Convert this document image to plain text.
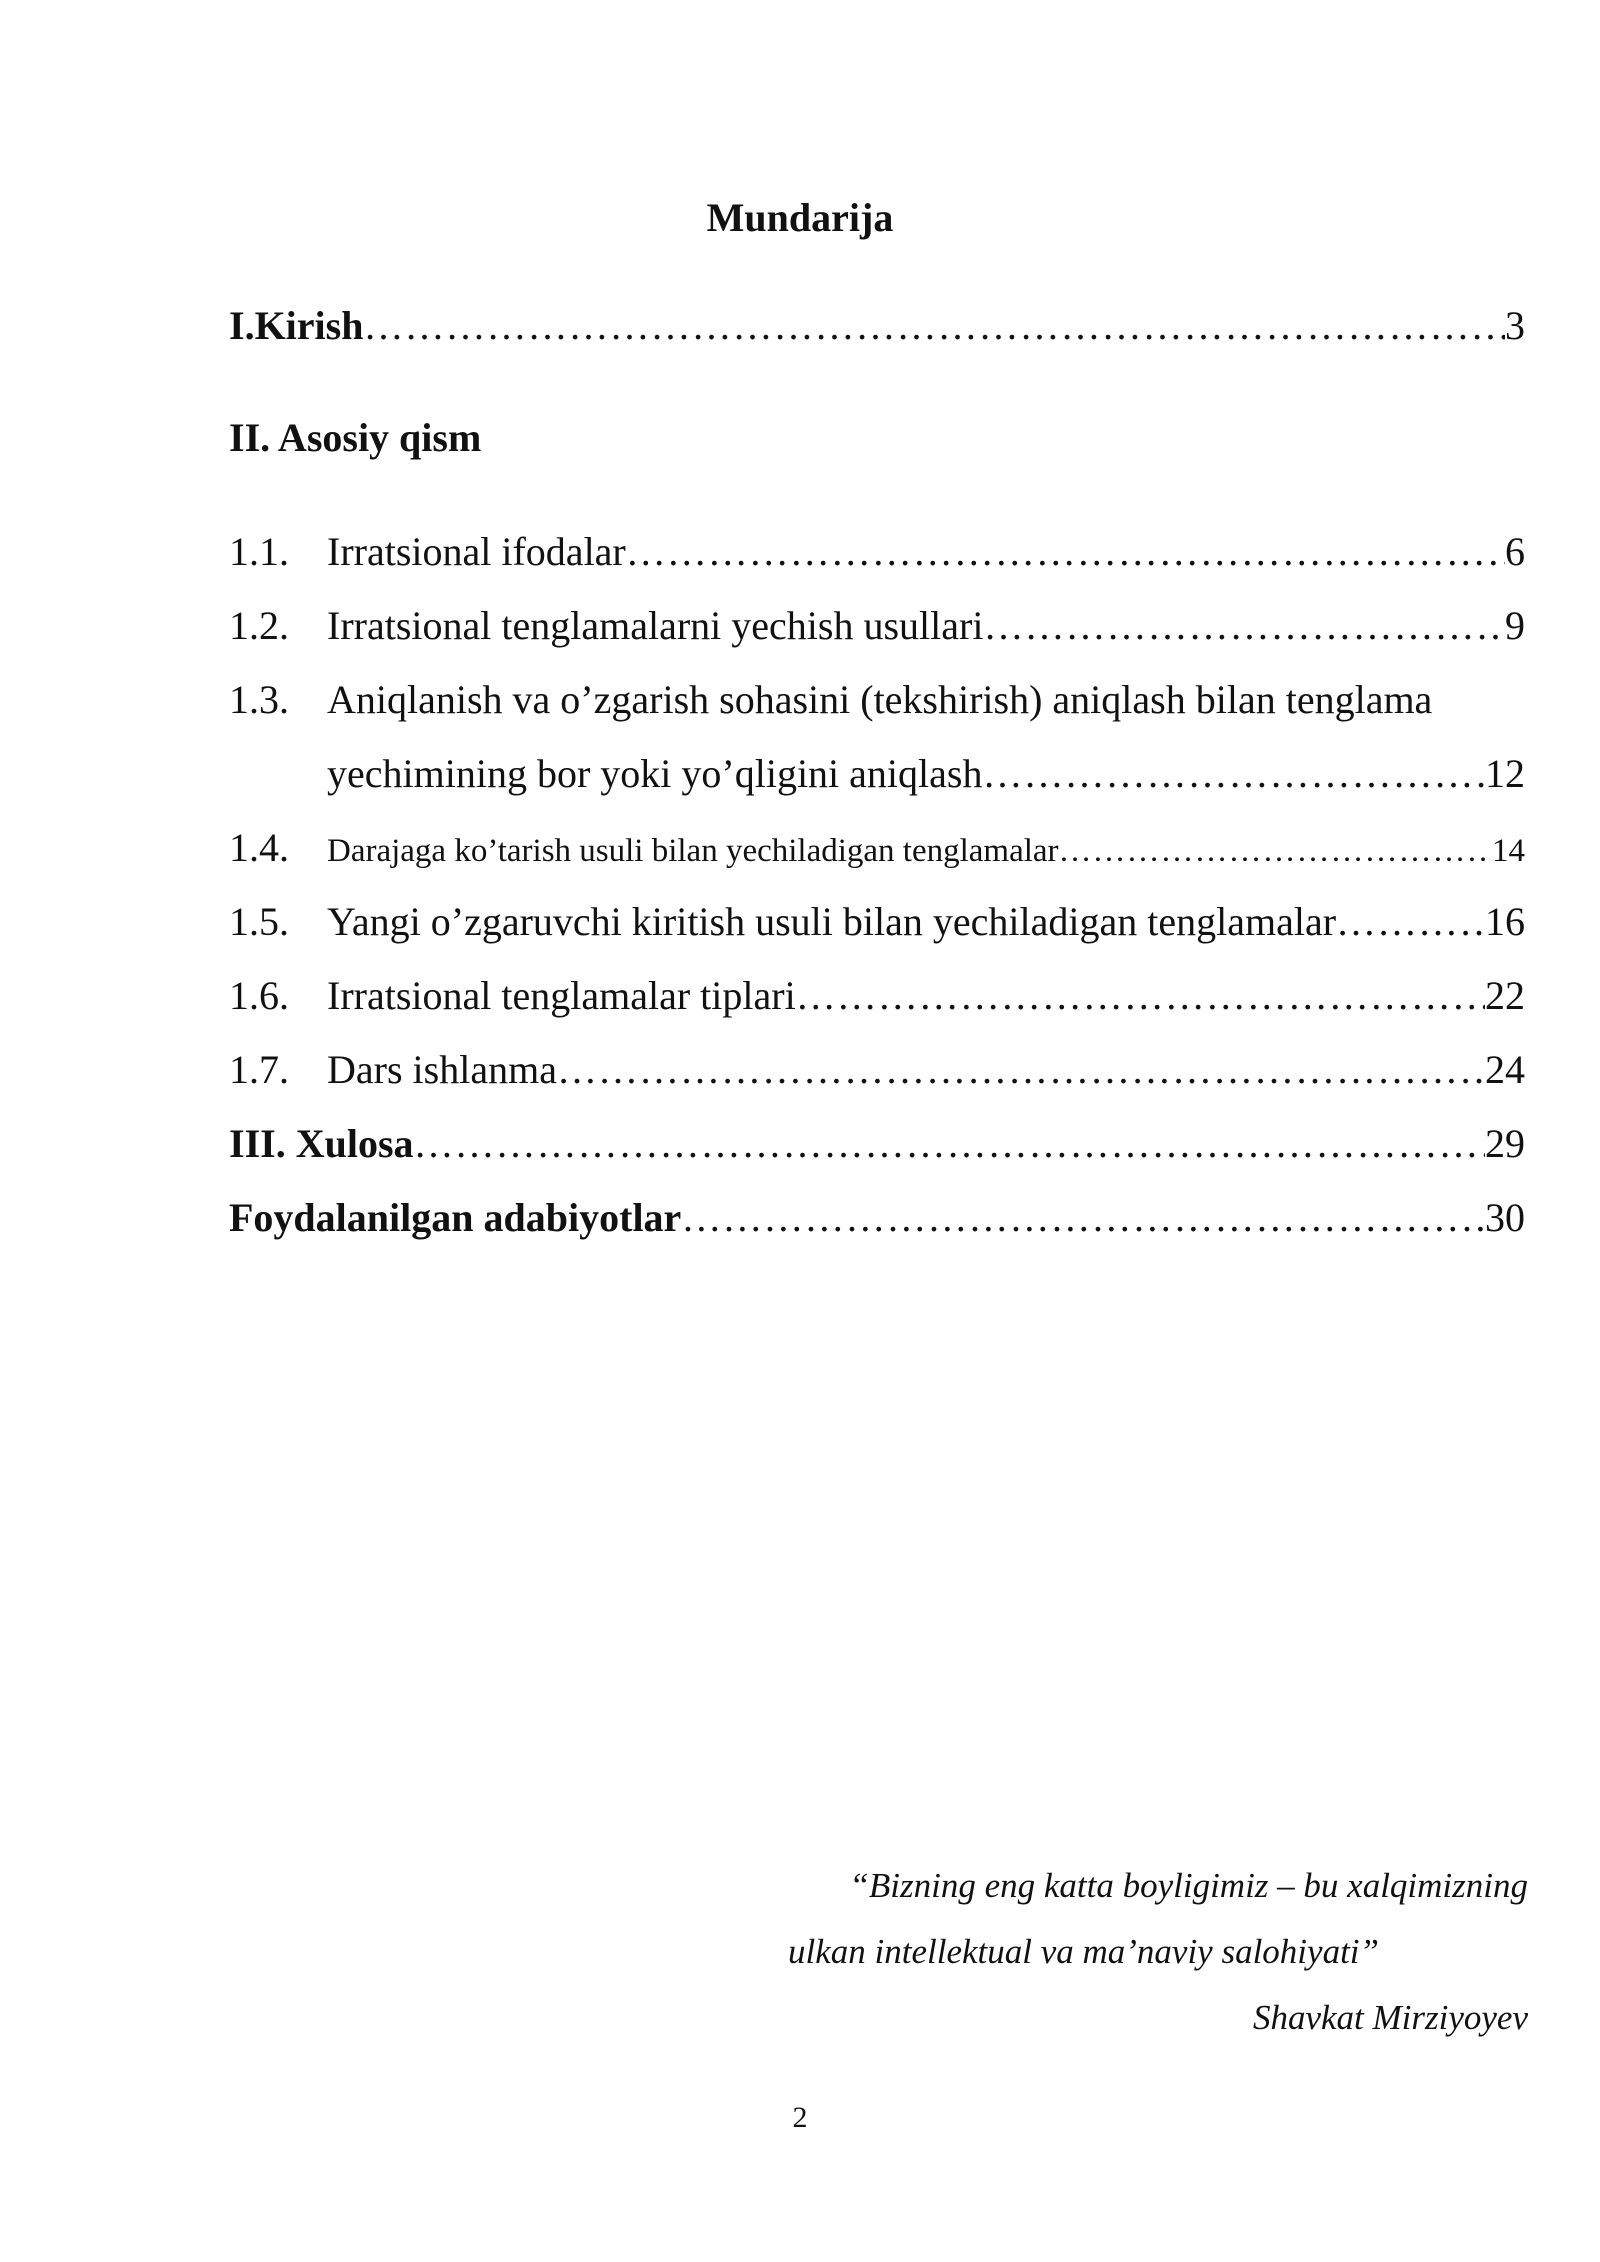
Mundarija
I.Kirish ……………………………………………………………………………………………………………………………………………………………………………………	3
II. Asosiy qism
1.1. Irratsional ifodalar ……………………………………………………………………………………………………………………………………………………………………………………	6
1.2. Irratsional tenglamalarni yechish usullari ……………………………………………………………………………………………………………………………………………………………………………………	9
1.3. Aniqlanish va o’zgarish sohasini (tekshirish) aniqlash bilan tenglama
yechimining bor yoki yo’qligini aniqlash ……………………………………………………………………………………………………………………………	12
1.4.	Darajaga ko’tarish usuli bilan yechiladigan tenglamalar ……………………………………………………………………………………………………………………………………………………………………………………	14
1.5. Yangi o’zgaruvchi kiritish usuli bilan yechiladigan tenglamalar ……………………………………………………………………………………………………………………………………………………………………………………	16
1.6. Irratsional tenglamalar tiplari ……………………………………………………………………………………………………………………………………………………………………………………	22
1.7. Dars ishlanma ……………………………………………………………………………………………………………………………………………………………………………………	24
III. Xulosa ……………………………………………………………………………………………………………………………………………………………………………………	29
Foydalanilgan adabiyotlar ……………………………………………………………………………………………………………………………………………………………………………………	30
“Bizning eng katta boyligimiz – bu xalqimizning
ulkan intellektual va ma’naviy salohiyati”
Shavkat Mirziyoyev
2
